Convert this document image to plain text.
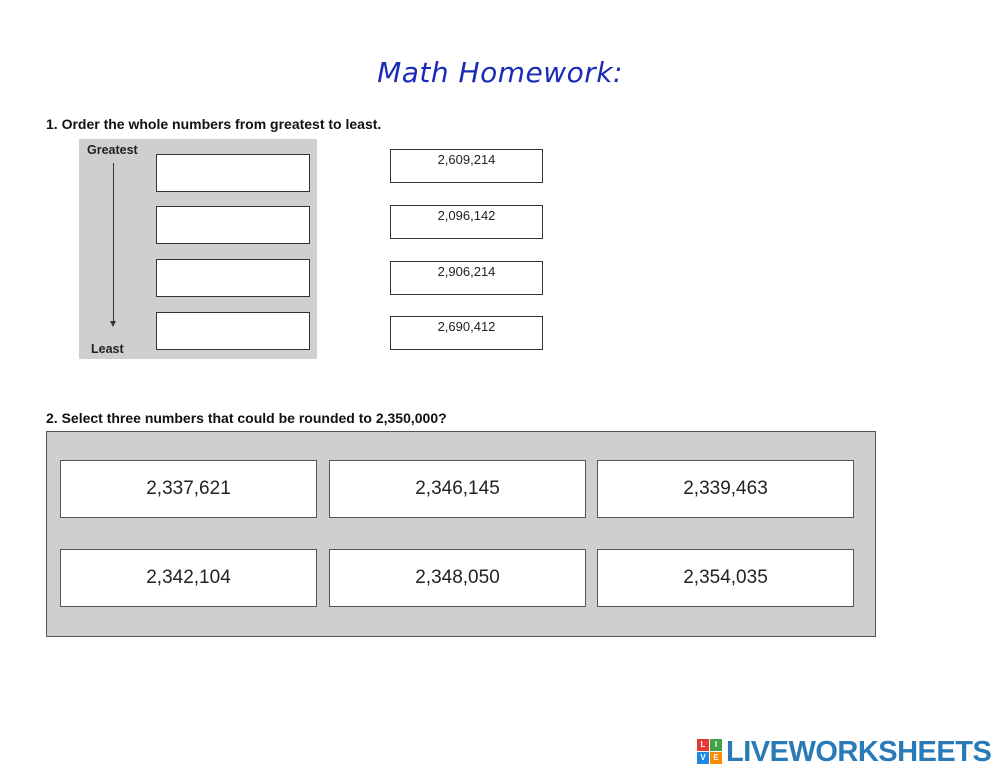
Math Homework:
1. Order the whole numbers from greatest to least.
Greatest
Least
2,609,214
2,096,142
2,906,214
2,690,412
2. Select three numbers that could be rounded to 2,350,000?
2,337,621	2,346,145	2,339,463
2,342,104	2,348,050	2,354,035
L	I
V E LIVEWORKSHEETS
